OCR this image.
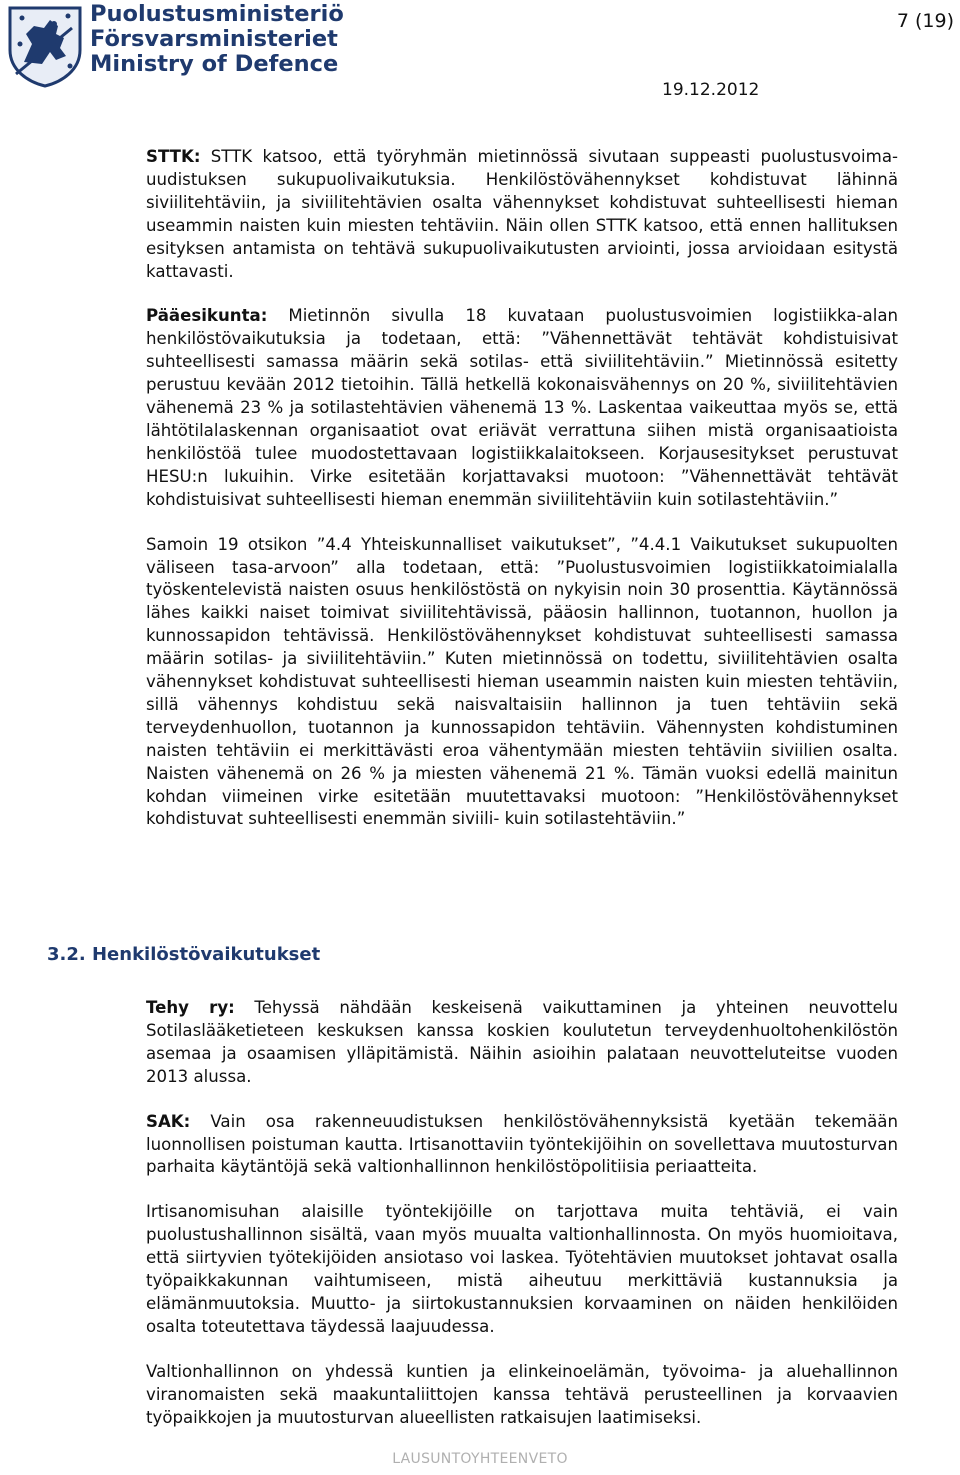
Puolustusministeriö
Försvarsministeriet
Ministry of Defence
7 (19)
19.12.2012

STTK: STTK katsoo, että työryhmän mietinnössä sivutaan suppeasti puolustusvoima-uudistuksen sukupuolivaikutuksia. Henkilöstövähennykset kohdistuvat lähinnä siviilitehtäviin, ja siviilitehtävien osalta vähennykset kohdistuvat suhteellisesti hieman useammin naisten kuin miesten tehtäviin. Näin ollen STTK katsoo, että ennen hallituksen esityksen antamista on tehtävä sukupuolivaikutusten arviointi, jossa arvioidaan esitystä kattavasti.

Pääesikunta: Mietinnön sivulla 18 kuvataan puolustusvoimien logistiikka-alan henkilöstövaikutuksia ja todetaan, että: ”Vähennettävät tehtävät kohdistuisivat suhteellisesti samassa määrin sekä sotilas- että siviilitehtäviin.” Mietinnössä esitetty perustuu kevään 2012 tietoihin. Tällä hetkellä kokonaisvähennys on 20 %, siviilitehtävien vähenemä 23 % ja sotilastehtävien vähenemä 13 %. Laskentaa vaikeuttaa myös se, että lähtötilalaskennan organisaatiot ovat eriävät verrattuna siihen mistä organisaatioista henkilöstöä tulee muodostettavaan logistiikkalaitokseen. Korjausesitykset perustuvat HESU:n lukuihin. Virke esitetään korjattavaksi muotoon: ”Vähennettävät tehtävät kohdistuisivat suhteellisesti hieman enemmän siviilitehtäviin kuin sotilastehtäviin.”

Samoin 19 otsikon ”4.4 Yhteiskunnalliset vaikutukset”, ”4.4.1 Vaikutukset sukupuolten väliseen tasa-arvoon” alla todetaan, että: ”Puolustusvoimien logistiikkatoimialalla työskentelevistä naisten osuus henkilöstöstä on nykyisin noin 30 prosenttia. Käytännössä lähes kaikki naiset toimivat siviilitehtävissä, pääosin hallinnon, tuotannon, huollon ja kunnossapidon tehtävissä. Henkilöstövähennykset kohdistuvat suhteellisesti samassa määrin sotilas- ja siviilitehtäviin.” Kuten mietinnössä on todettu, siviilitehtävien osalta vähennykset kohdistuvat suhteellisesti hieman useammin naisten kuin miesten tehtäviin, sillä vähennys kohdistuu sekä naisvaltaisiin hallinnon ja tuen tehtäviin sekä terveydenhuollon, tuotannon ja kunnossapidon tehtäviin. Vähennysten kohdistuminen naisten tehtäviin ei merkittävästi eroa vähentymään miesten tehtäviin siviilien osalta. Naisten vähenemä on 26 % ja miesten vähenemä 21 %. Tämän vuoksi edellä mainitun kohdan viimeinen virke esitetään muutettavaksi muotoon: ”Henkilöstövähennykset kohdistuvat suhteellisesti enemmän siviili- kuin sotilastehtäviin.”

3.2. Henkilöstövaikutukset

Tehy ry: Tehyssä nähdään keskeisenä vaikuttaminen ja yhteinen neuvottelu Sotilaslääketieteen keskuksen kanssa koskien koulutetun terveydenhuoltohenkilöstön asemaa ja osaamisen ylläpitämistä. Näihin asioihin palataan neuvotteluteitse vuoden 2013 alussa.

SAK: Vain osa rakenneuudistuksen henkilöstövähennyksistä kyetään tekemään luonnollisen poistuman kautta. Irtisanottaviin työntekijöihin on sovellettava muutosturvan parhaita käytäntöjä sekä valtionhallinnon henkilöstöpolitiisia periaatteita.

Irtisanomisuhan alaisille työntekijöille on tarjottava muita tehtäviä, ei vain puolustushallinnon sisältä, vaan myös muualta valtionhallinnosta. On myös huomioitava, että siirtyvien työtekijöiden ansiotaso voi laskea. Työtehtävien muutokset johtavat osalla työpaikkakunnan vaihtumiseen, mistä aiheutuu merkittäviä kustannuksia ja elämänmuutoksia. Muutto- ja siirtokustannuksien korvaaminen on näiden henkilöiden osalta toteutettava täydessä laajuudessa.

Valtionhallinnon on yhdessä kuntien ja elinkeinoelämän, työvoima- ja aluehallinnon viranomaisten sekä maakuntaliittojen kanssa tehtävä perusteellinen ja korvaavien työpaikkojen ja muutosturvan alueellisten ratkaisujen laatimiseksi.

LAUSUNTOYHTEENVETO
